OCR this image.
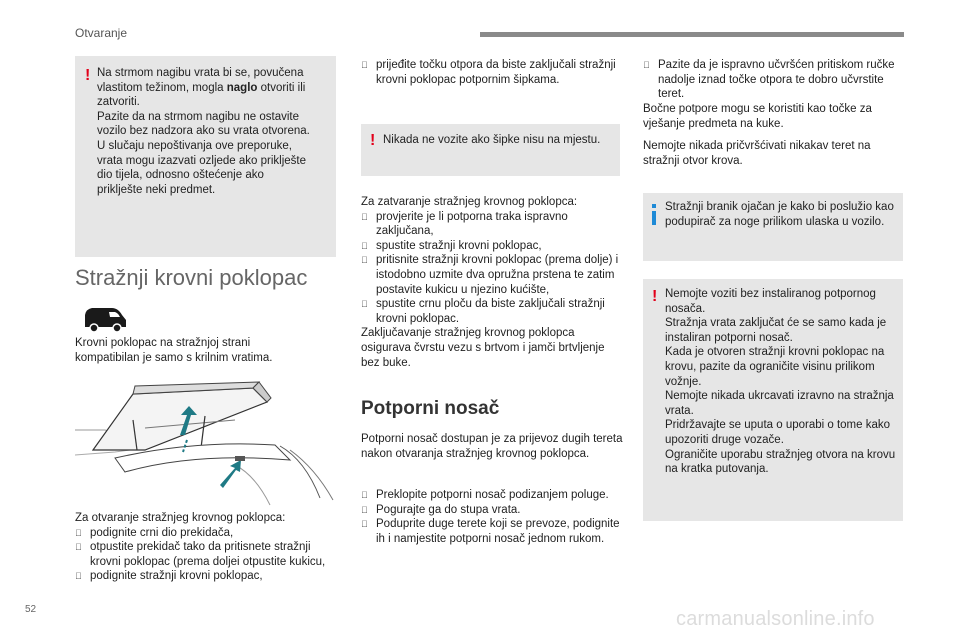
Otvaranje
! Na strmom nagibu vrata bi se, povučena
vlastitom težinom, mogla naglo otvoriti ili
zatvoriti.
Pazite da na strmom nagibu ne ostavite
vozilo bez nadzora ako su vrata otvorena.
U slučaju nepoštivanja ove preporuke,
vrata mogu izazvati ozljede ako priklješte
dio tijela, odnosno oštećenje ako
priklješte neki predmet.
Stražnji krovni poklopac
Krovni poklopac na stražnjoj strani
kompatibilan je samo s krilnim vratima.
Za otvaranje stražnjeg krovnog poklopca:
podignite crni dio prekidača,
otpustite prekidač tako da pritisnete stražnji krovni poklopac (prema doljei otpustite kukicu,
podignite stražnji krovni poklopac,
prijeđite točku otpora da biste zaključali stražnji krovni poklopac potpornim šipkama.
! Nikada ne vozite ako šipke nisu na mjestu.
Za zatvaranje stražnjeg krovnog poklopca:
provjerite je li potporna traka ispravno zaključana,
spustite stražnji krovni poklopac,
pritisnite stražnji krovni poklopac (prema dolje) i istodobno uzmite dva opružna prstena te zatim postavite kukicu u njezino kućište,
spustite crnu ploču da biste zaključali stražnji krovni poklopac.
Zaključavanje stražnjeg krovnog poklopca osigurava čvrstu vezu s brtvom i jamči brtvljenje bez buke.
Potporni nosač
Potporni nosač dostupan je za prijevoz dugih tereta nakon otvaranja stražnjeg krovnog poklopca.
Preklopite potporni nosač podizanjem poluge.
Pogurajte ga do stupa vrata.
Poduprite duge terete koji se prevoze, podignite ih i namjestite potporni nosač jednom rukom.
Pazite da je ispravno učvršćen pritiskom ručke nadolje iznad točke otpora te dobro učvrstite teret.
Bočne potpore mogu se koristiti kao točke za vješanje predmeta na kuke.
Nemojte nikada pričvršćivati nikakav teret na stražnji otvor krova.
Stražnji branik ojačan je kako bi poslužio kao podupirač za noge prilikom ulaska u vozilo.
! Nemojte voziti bez instaliranog potpornog nosača.
Stražnja vrata zaključat će se samo kada je instaliran potporni nosač.
Kada je otvoren stražnji krovni poklopac na krovu, pazite da ograničite visinu prilikom vožnje.
Nemojte nikada ukrcavati izravno na stražnja vrata.
Pridržavajte se uputa o uporabi o tome kako upozoriti druge vozače.
Ograničite uporabu stražnjeg otvora na krovu na kratka putovanja.
52	carmanualsonline.info
